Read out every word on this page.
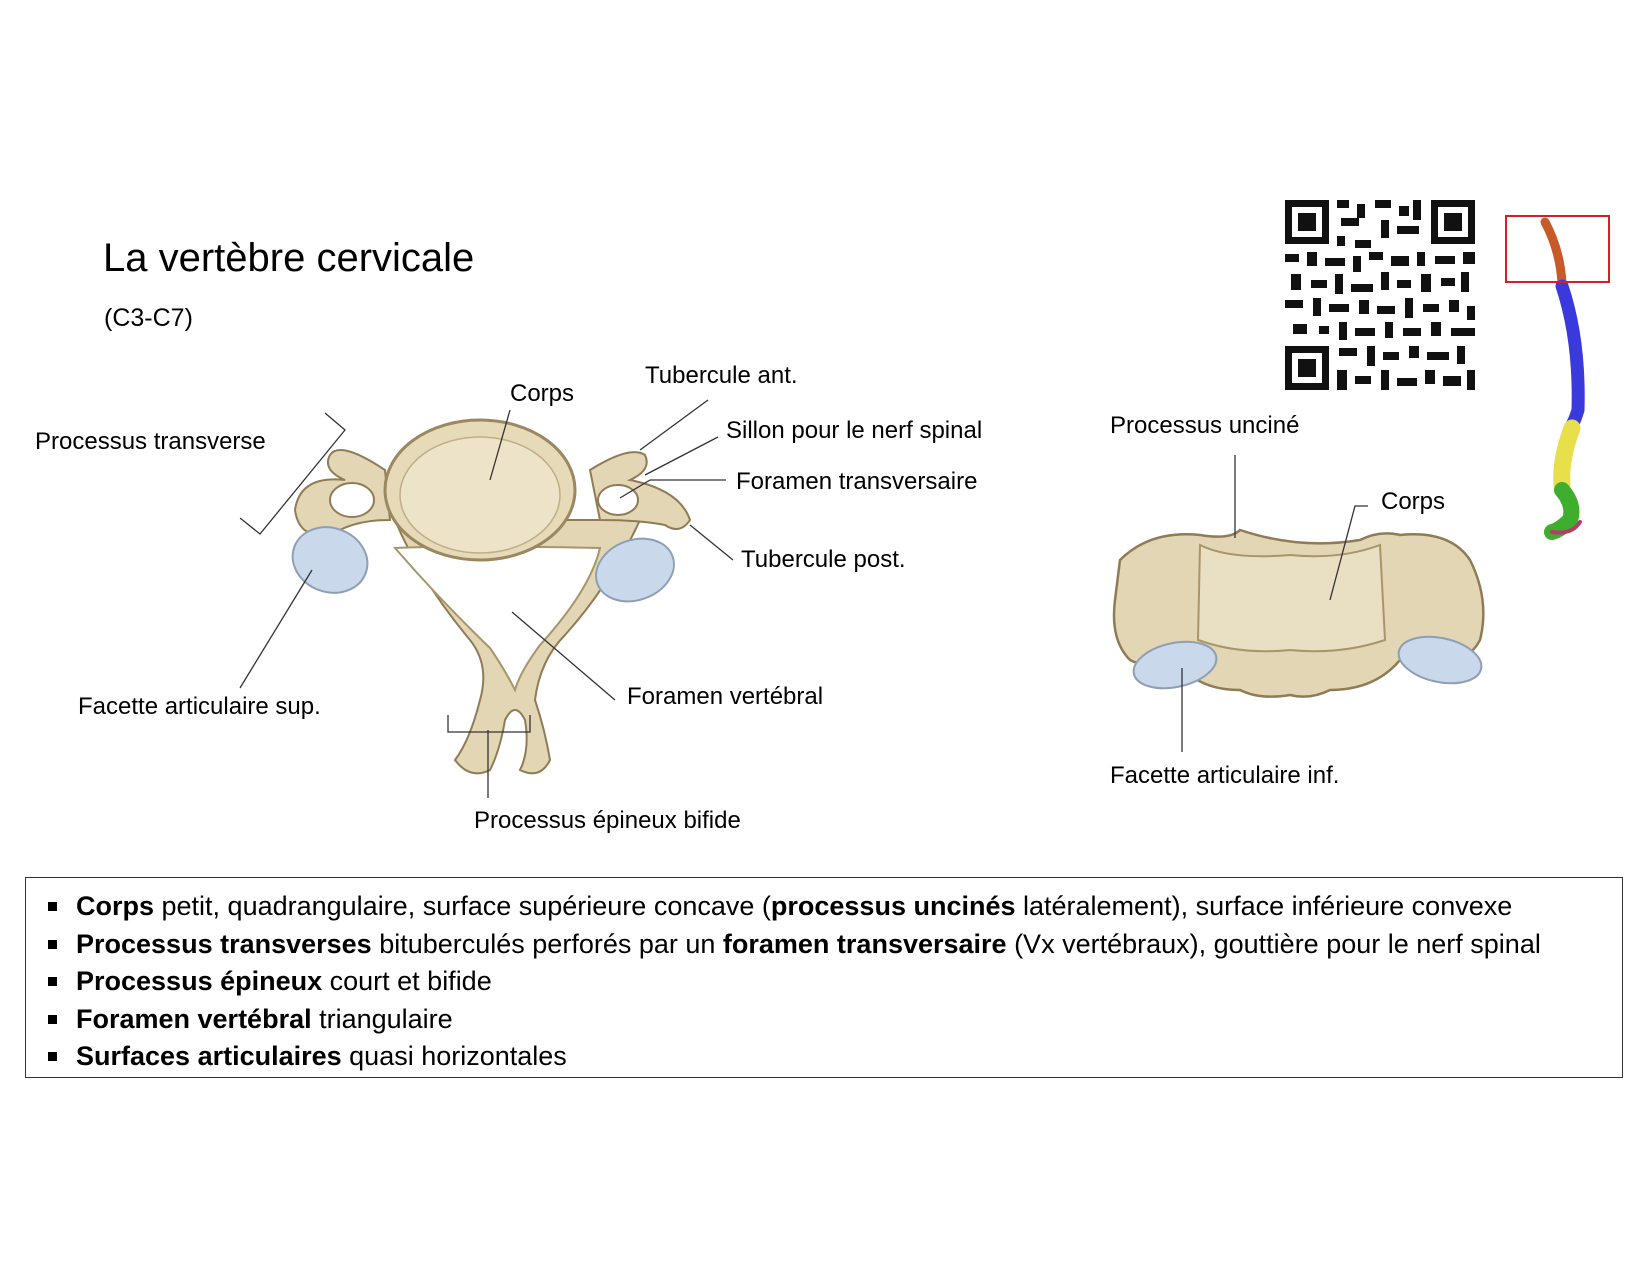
La vertèbre cervicale
(C3-C7)
Corps
Tubercule ant.
Processus transverse	Sillon pour le nerf spinal
Foramen transversaire
Tubercule post.
Facette articulaire sup.	Foramen vertébral
Processus épineux bifide
Processus unciné
Corps
Facette articulaire inf.
Corps petit, quadrangulaire, surface supérieure concave (processus uncinés latéralement), surface inférieure convexe
Processus transverses bituberculés perforés par un foramen transversaire (Vx vertébraux), gouttière pour le nerf spinal
Processus épineux court et bifide
Foramen vertébral triangulaire
Surfaces articulaires quasi horizontales
